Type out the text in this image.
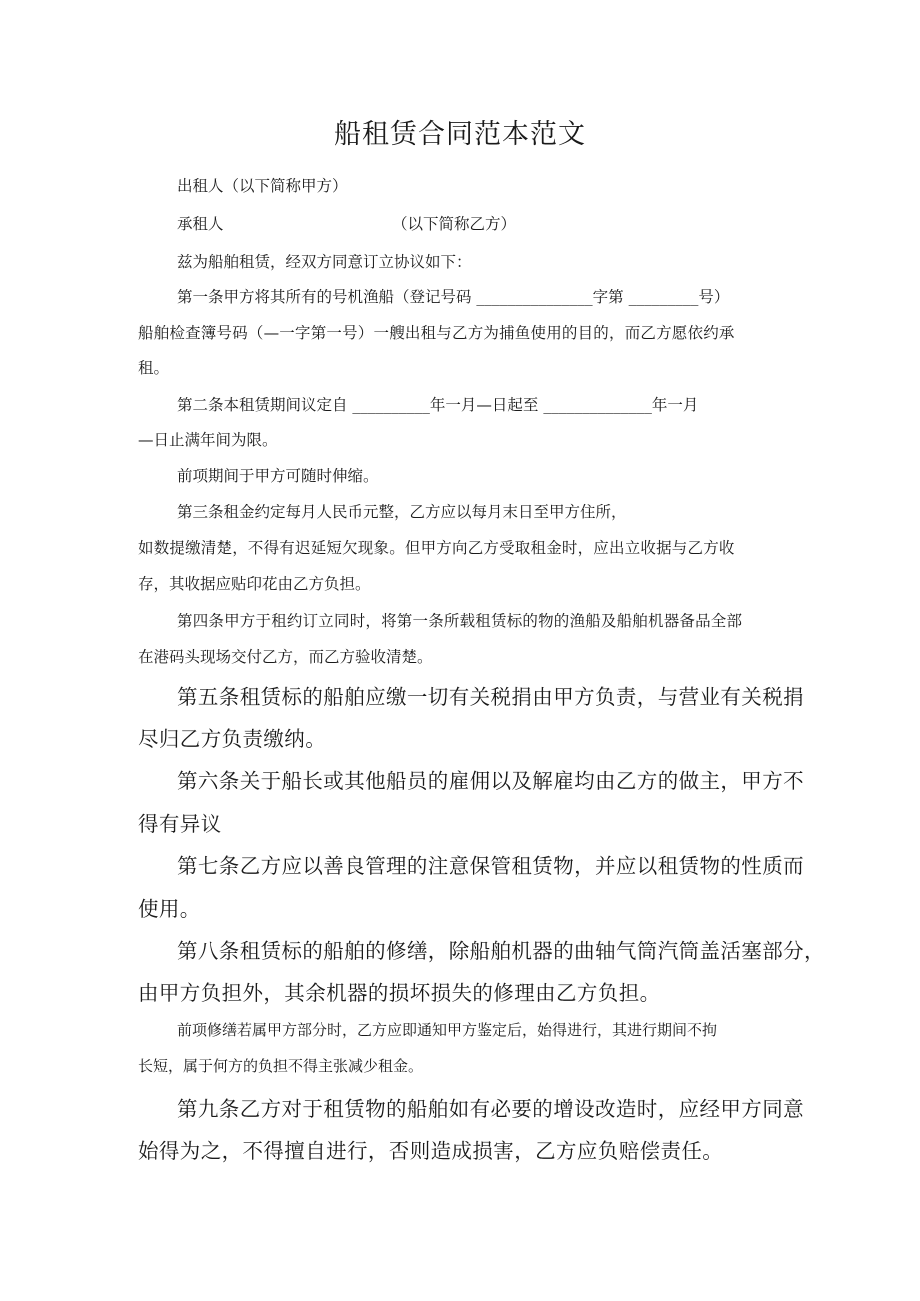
船租赁合同范本范文
出租人（以下简称甲方）
承租人	（以下简称乙方）
兹为船舶租赁，经双方同意订立协议如下：
第一条甲方将其所有的号机渔船（登记号码 _______________字第 _________号）
船舶检查簿号码（—一字第一号）一艘出租与乙方为捕鱼使用的目的，而乙方愿依约承
租。
第二条本租赁期间议定自 __________年一月—日起至 ______________年一月
—日止满年间为限。
前项期间于甲方可随时伸缩。
第三条租金约定每月人民币元整，乙方应以每月末日至甲方住所，
如数提缴清楚，不得有迟延短欠现象。但甲方向乙方受取租金时，应出立收据与乙方收
存，其收据应贴印花由乙方负担。
第四条甲方于租约订立同时，将第一条所载租赁标的物的渔船及船舶机器备品全部
在港码头现场交付乙方，而乙方验收清楚。
第五条租赁标的船舶应缴一切有关税捐由甲方负责，与营业有关税捐
尽归乙方负责缴纳。
第六条关于船长或其他船员的雇佣以及解雇均由乙方的做主，甲方不
得有异议
第七条乙方应以善良管理的注意保管租赁物，并应以租赁物的性质而
使用。
第八条租赁标的船舶的修缮，除船舶机器的曲轴气筒汽筒盖活塞部分，
由甲方负担外，其余机器的损坏损失的修理由乙方负担。
前项修缮若属甲方部分时，乙方应即通知甲方鉴定后，始得进行，其进行期间不拘
长短，属于何方的负担不得主张减少租金。
第九条乙方对于租赁物的船舶如有必要的增设改造时，应经甲方同意
始得为之，不得擅自进行，否则造成损害，乙方应负赔偿责任。
